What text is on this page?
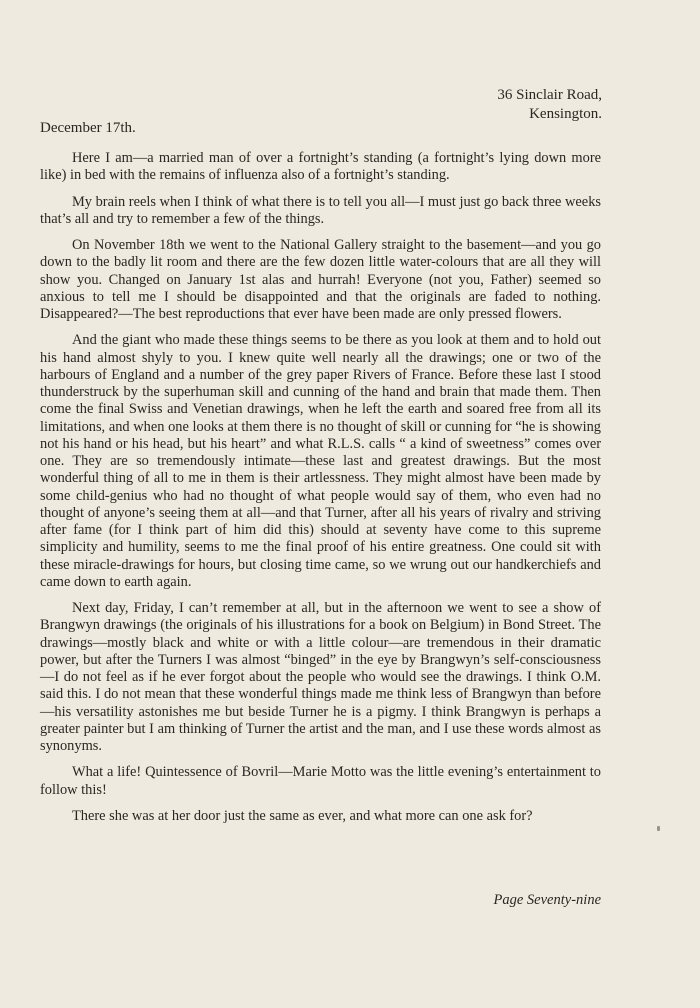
36 Sinclair Road,
Kensington.
December 17th.

Here I am—a married man of over a fortnight’s standing (a fortnight’s lying down more like) in bed with the remains of influenza also of a fortnight’s standing.

My brain reels when I think of what there is to tell you all—I must just go back three weeks that’s all and try to remember a few of the things.

On November 18th we went to the National Gallery straight to the basement—and you go down to the badly lit room and there are the few dozen little water-colours that are all they will show you. Changed on January 1st alas and hurrah! Everyone (not you, Father) seemed so anxious to tell me I should be disappointed and that the originals are faded to nothing. Disappeared?—The best reproductions that ever have been made are only pressed flowers.

And the giant who made these things seems to be there as you look at them and to hold out his hand almost shyly to you. I knew quite well nearly all the drawings; one or two of the harbours of England and a number of the grey paper Rivers of France. Before these last I stood thunderstruck by the superhuman skill and cunning of the hand and brain that made them. Then come the final Swiss and Venetian drawings, when he left the earth and soared free from all its limitations, and when one looks at them there is no thought of skill or cunning for “he is showing not his hand or his head, but his heart” and what R.L.S. calls “ a kind of sweetness” comes over one. They are so tremendously intimate—these last and greatest drawings. But the most wonderful thing of all to me in them is their artlessness. They might almost have been made by some child-genius who had no thought of what people would say of them, who even had no thought of anyone’s seeing them at all—and that Turner, after all his years of rivalry and striving after fame (for I think part of him did this) should at seventy have come to this supreme simplicity and humility, seems to me the final proof of his entire greatness. One could sit with these miracle-drawings for hours, but closing time came, so we wrung out our handkerchiefs and came down to earth again.

Next day, Friday, I can’t remember at all, but in the afternoon we went to see a show of Brangwyn drawings (the originals of his illustrations for a book on Belgium) in Bond Street. The drawings—mostly black and white or with a little colour—are tremendous in their dramatic power, but after the Turners I was almost “binged” in the eye by Brangwyn’s self-consciousness—I do not feel as if he ever forgot about the people who would see the drawings. I think O.M. said this. I do not mean that these wonderful things made me think less of Brangwyn than before—his versatility astonishes me but beside Turner he is a pigmy. I think Brangwyn is perhaps a greater painter but I am thinking of Turner the artist and the man, and I use these words almost as synonyms.

What a life! Quintessence of Bovril—Marie Motto was the little evening’s entertainment to follow this!

There she was at her door just the same as ever, and what more can one ask for?

Page Seventy-nine
